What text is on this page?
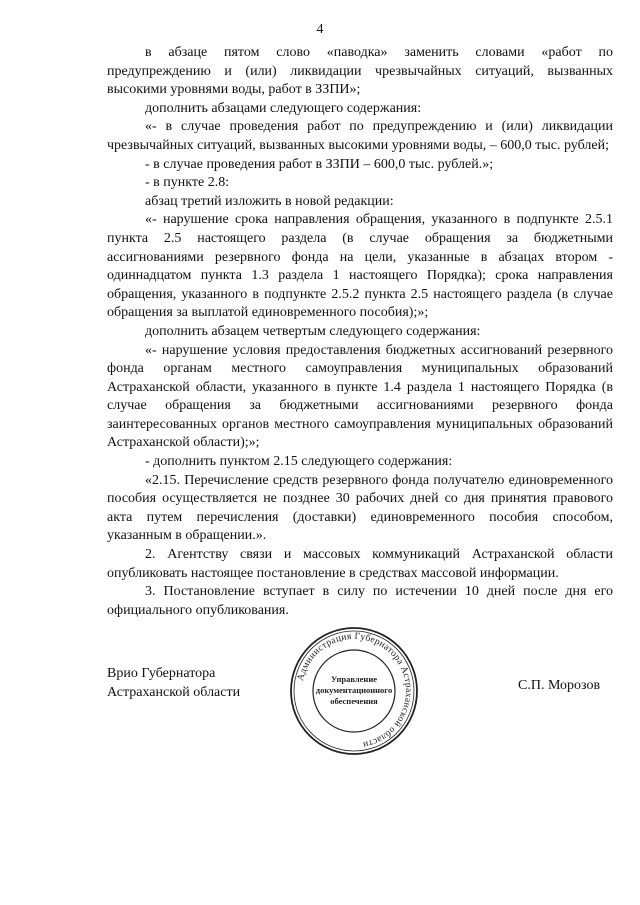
4

в абзаце пятом слово «паводка» заменить словами «работ по предупреждению и (или) ликвидации чрезвычайных ситуаций, вызванных высокими уровнями воды, работ в ЗЗПИ»;

дополнить абзацами следующего содержания:

«- в случае проведения работ по предупреждению и (или) ликвидации чрезвычайных ситуаций, вызванных высокими уровнями воды, – 600,0 тыс. рублей;

- в случае проведения работ в ЗЗПИ – 600,0 тыс. рублей.»;

- в пункте 2.8:

абзац третий изложить в новой редакции:

«- нарушение срока направления обращения, указанного в подпункте 2.5.1 пункта 2.5 настоящего раздела (в случае обращения за бюджетными ассигнованиями резервного фонда на цели, указанные в абзацах втором - одиннадцатом пункта 1.3 раздела 1 настоящего Порядка); срока направления обращения, указанного в подпункте 2.5.2 пункта 2.5 настоящего раздела (в случае обращения за выплатой единовременного пособия);»;

дополнить абзацем четвертым следующего содержания:

«- нарушение условия предоставления бюджетных ассигнований резервного фонда органам местного самоуправления муниципальных образований Астраханской области, указанного в пункте 1.4 раздела 1 настоящего Порядка (в случае обращения за бюджетными ассигнованиями резервного фонда заинтересованных органов местного самоуправления муниципальных образований Астраханской области);»;

- дополнить пунктом 2.15 следующего содержания:

«2.15. Перечисление средств резервного фонда получателю единовременного пособия осуществляется не позднее 30 рабочих дней со дня принятия правового акта путем перечисления (доставки) единовременного пособия способом, указанным в обращении.».

2. Агентству связи и массовых коммуникаций Астраханской области опубликовать настоящее постановление в средствах массовой информации.

3. Постановление вступает в силу по истечении 10 дней после дня его официального опубликования.

Врио Губернатора
Астраханской области	С.П. Морозов
Администрация Губернатора Астраханской области
Управление
документационного
обеспечения
